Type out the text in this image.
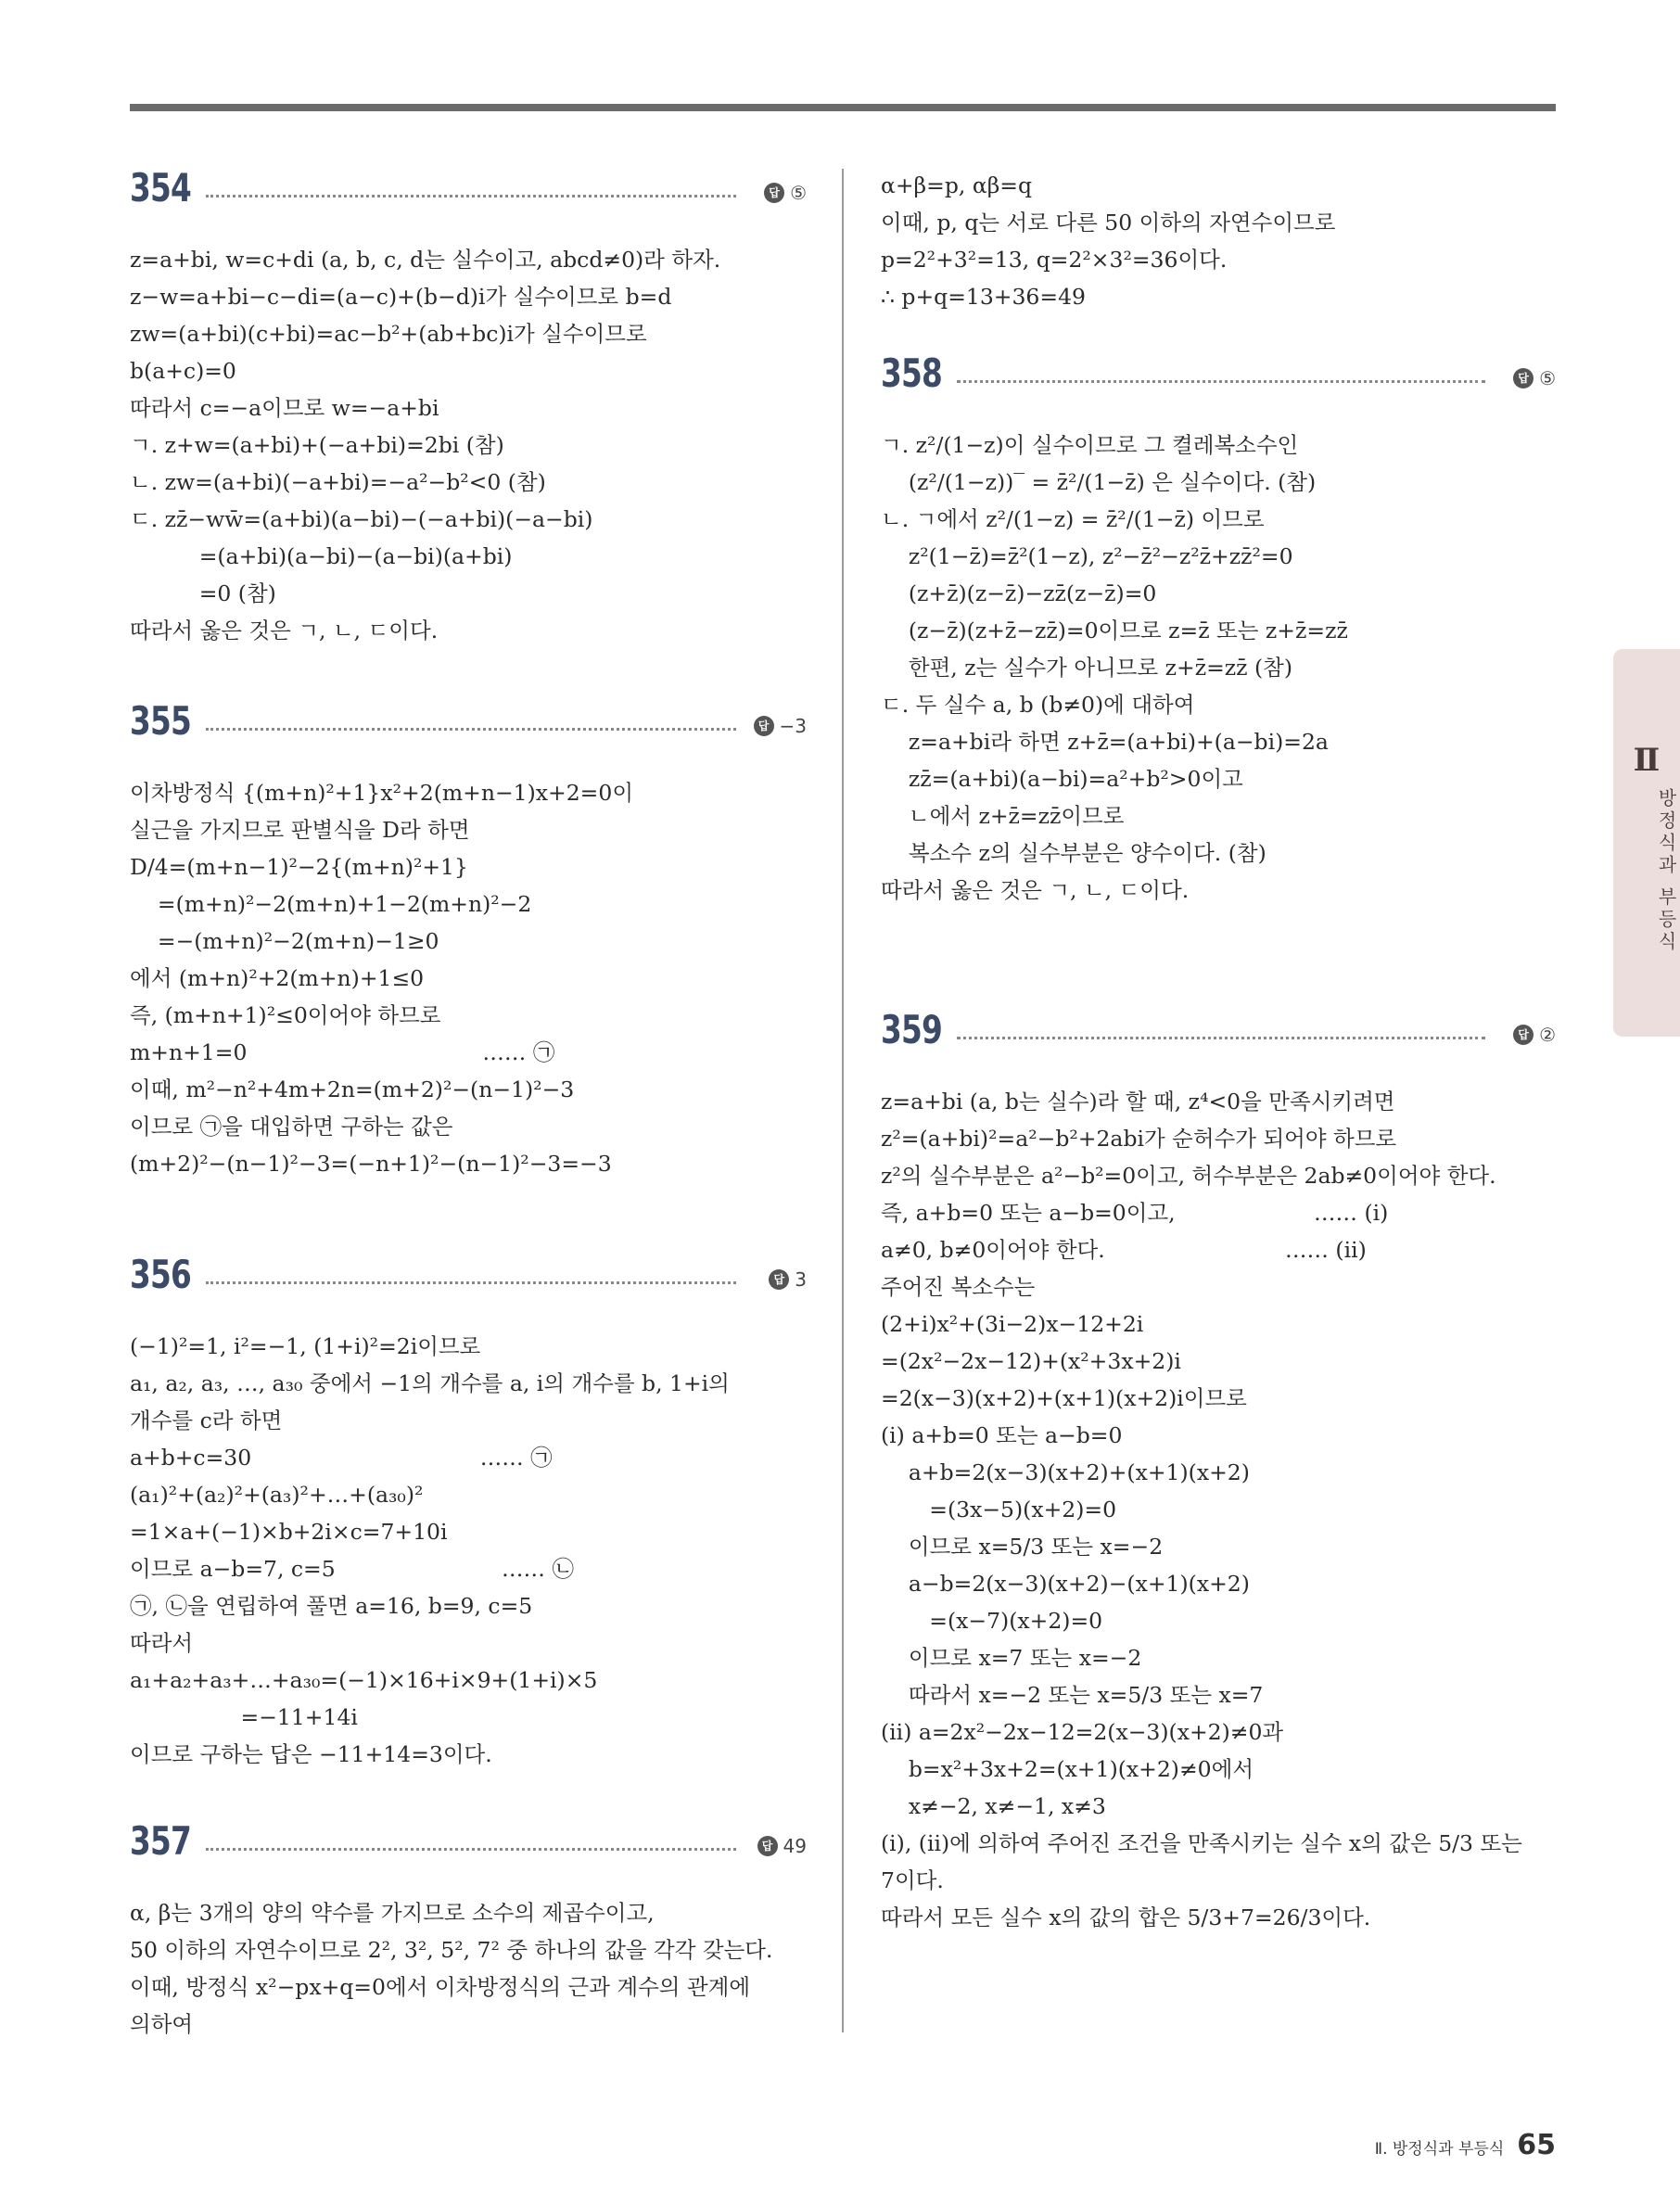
354	답 ⑤
z=a+bi, w=c+di (a, b, c, d는 실수이고, abcd≠0)라 하자.
z−w=a+bi−c−di=(a−c)+(b−d)i가 실수이므로 b=d
zw=(a+bi)(c+bi)=ac−b²+(ab+bc)i가 실수이므로
b(a+c)=0
따라서 c=−a이므로 w=−a+bi
ㄱ. z+w=(a+bi)+(−a+bi)=2bi (참)
ㄴ. zw=(a+bi)(−a+bi)=−a²−b²<0 (참)
ㄷ. zz̄−ww̄=(a+bi)(a−bi)−(−a+bi)(−a−bi)
=(a+bi)(a−bi)−(a−bi)(a+bi)
=0 (참)
따라서 옳은 것은 ㄱ, ㄴ, ㄷ이다.
355	답 −3
이차방정식 {(m+n)²+1}x²+2(m+n−1)x+2=0이
실근을 가지므로 판별식을 D라 하면
D/4=(m+n−1)²−2{(m+n)²+1}
=(m+n)²−2(m+n)+1−2(m+n)²−2
=−(m+n)²−2(m+n)−1≥0
에서 (m+n)²+2(m+n)+1≤0
즉, (m+n+1)²≤0이어야 하므로
m+n+1=0                                  …… ㉠
이때, m²−n²+4m+2n=(m+2)²−(n−1)²−3
이므로 ㉠을 대입하면 구하는 값은
(m+2)²−(n−1)²−3=(−n+1)²−(n−1)²−3=−3
356	답 3
(−1)²=1, i²=−1, (1+i)²=2i이므로
a₁, a₂, a₃, …, a₃₀ 중에서 −1의 개수를 a, i의 개수를 b, 1+i의
개수를 c라 하면
a+b+c=30                                 …… ㉠
(a₁)²+(a₂)²+(a₃)²+…+(a₃₀)²
=1×a+(−1)×b+2i×c=7+10i
이므로 a−b=7, c=5                        …… ㉡
㉠, ㉡을 연립하여 풀면 a=16, b=9, c=5
따라서
a₁+a₂+a₃+…+a₃₀=(−1)×16+i×9+(1+i)×5
=−11+14i
이므로 구하는 답은 −11+14=3이다.
357	답 49
α, β는 3개의 양의 약수를 가지므로 소수의 제곱수이고,
50 이하의 자연수이므로 2², 3², 5², 7² 중 하나의 값을 각각 갖는다.
이때, 방정식 x²−px+q=0에서 이차방정식의 근과 계수의 관계에
의하여
α+β=p, αβ=q
이때, p, q는 서로 다른 50 이하의 자연수이므로
p=2²+3²=13, q=2²×3²=36이다.
∴ p+q=13+36=49
358	답 ⑤
ㄱ. z²/(1−z)이 실수이므로 그 켤레복소수인
(z²/(1−z))‾ = z̄²/(1−z̄) 은 실수이다. (참)
ㄴ. ㄱ에서 z²/(1−z) = z̄²/(1−z̄) 이므로
z²(1−z̄)=z̄²(1−z), z²−z̄²−z²z̄+zz̄²=0
(z+z̄)(z−z̄)−zz̄(z−z̄)=0
(z−z̄)(z+z̄−zz̄)=0이므로 z=z̄ 또는 z+z̄=zz̄
한편, z는 실수가 아니므로 z+z̄=zz̄ (참)
ㄷ. 두 실수 a, b (b≠0)에 대하여
z=a+bi라 하면 z+z̄=(a+bi)+(a−bi)=2a
zz̄=(a+bi)(a−bi)=a²+b²>0이고
ㄴ에서 z+z̄=zz̄이므로
복소수 z의 실수부분은 양수이다. (참)
따라서 옳은 것은 ㄱ, ㄴ, ㄷ이다.
359	답 ②
z=a+bi (a, b는 실수)라 할 때, z⁴<0을 만족시키려면
z²=(a+bi)²=a²−b²+2abi가 순허수가 되어야 하므로
z²의 실수부분은 a²−b²=0이고, 허수부분은 2ab≠0이어야 한다.
즉, a+b=0 또는 a−b=0이고,                    …… (i)
a≠0, b≠0이어야 한다.                          …… (ii)
주어진 복소수는
(2+i)x²+(3i−2)x−12+2i
=(2x²−2x−12)+(x²+3x+2)i
=2(x−3)(x+2)+(x+1)(x+2)i이므로
(i) a+b=0 또는 a−b=0
a+b=2(x−3)(x+2)+(x+1)(x+2)
=(3x−5)(x+2)=0
이므로 x=5/3 또는 x=−2
a−b=2(x−3)(x+2)−(x+1)(x+2)
=(x−7)(x+2)=0
이므로 x=7 또는 x=−2
따라서 x=−2 또는 x=5/3 또는 x=7
(ii) a=2x²−2x−12=2(x−3)(x+2)≠0과
b=x²+3x+2=(x+1)(x+2)≠0에서
x≠−2, x≠−1, x≠3
(i), (ii)에 의하여 주어진 조건을 만족시키는 실수 x의 값은 5/3 또는
7이다.
따라서 모든 실수 x의 값의 합은 5/3+7=26/3이다.
Ⅱ
방정식과 부등식
Ⅱ. 방정식과 부등식 65
